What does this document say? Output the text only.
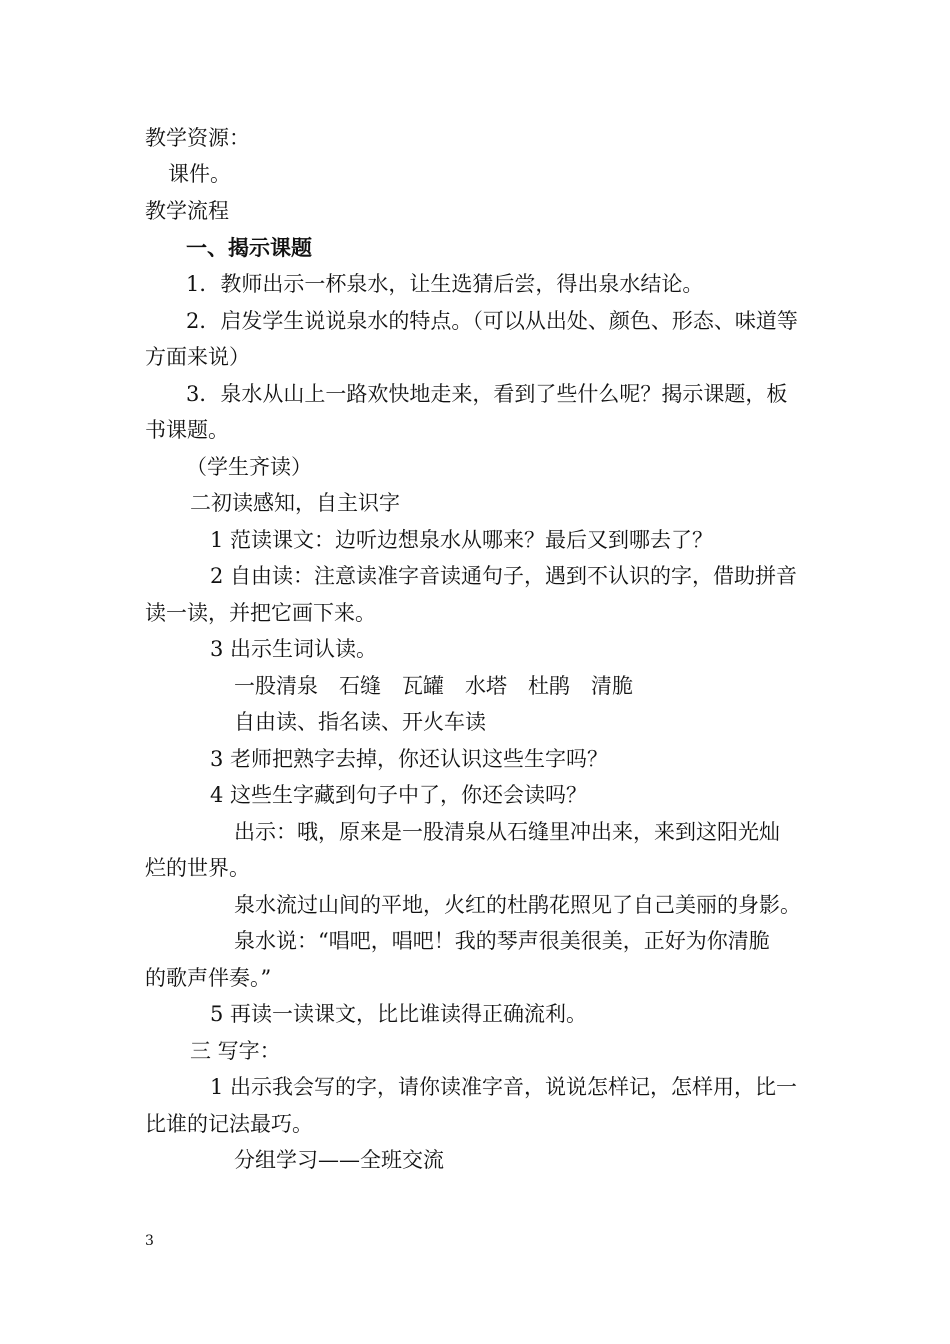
教学资源：
课件。
教学流程
一、揭示课题
1．教师出示一杯泉水，让生选猜后尝，得出泉水结论。
2．启发学生说说泉水的特点。（可以从出处、颜色、形态、味道等
方面来说）
3．泉水从山上一路欢快地走来，看到了些什么呢？揭示课题，板
书课题。
（学生齐读）
二初读感知，自主识字
1 范读课文：边听边想泉水从哪来？最后又到哪去了？
2 自由读：注意读准字音读通句子，遇到不认识的字，借助拼音
读一读，并把它画下来。
3 出示生词认读。
一股清泉　石缝　瓦罐　水塔　杜鹃　清脆
自由读、指名读、开火车读
3 老师把熟字去掉，你还认识这些生字吗？
4 这些生字藏到句子中了，你还会读吗？
出示：哦，原来是一股清泉从石缝里冲出来，来到这阳光灿
烂的世界。
泉水流过山间的平地，火红的杜鹃花照见了自己美丽的身影。
泉水说：“唱吧，唱吧！我的琴声很美很美，正好为你清脆
的歌声伴奏。”
5 再读一读课文，比比谁读得正确流利。
三 写字：
1 出示我会写的字，请你读准字音，说说怎样记，怎样用，比一
比谁的记法最巧。
分组学习——全班交流
3
